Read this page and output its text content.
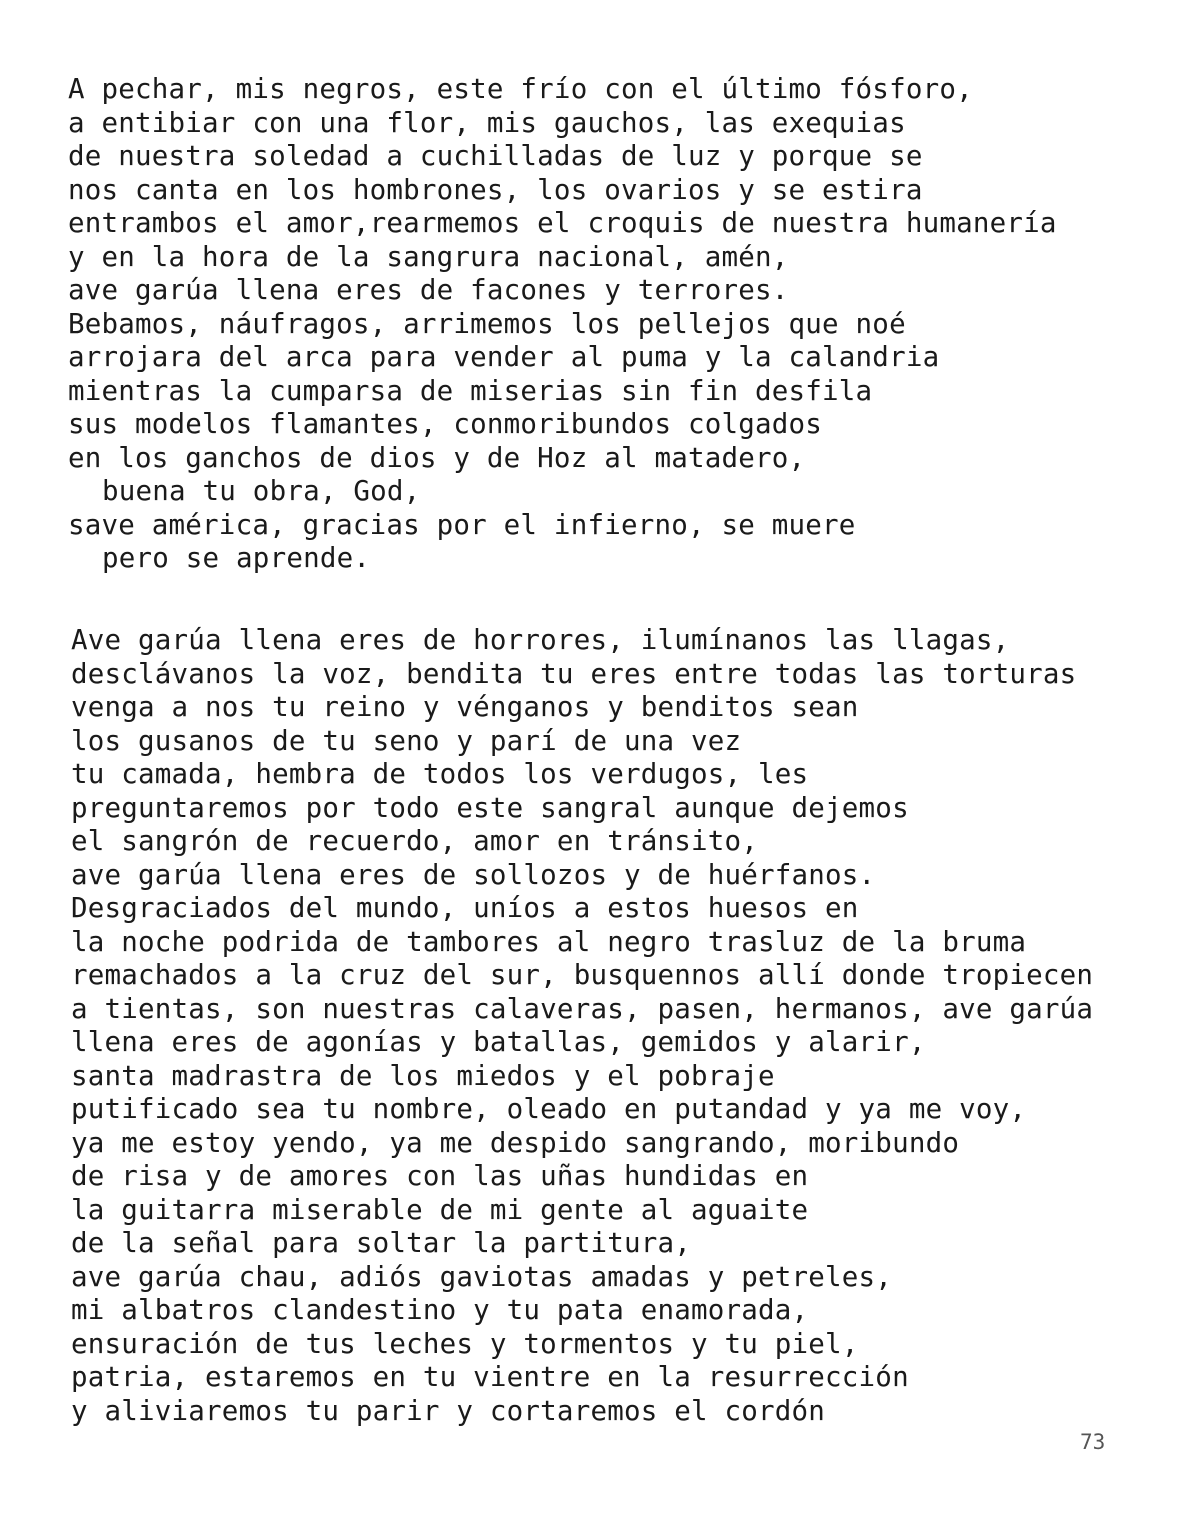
A pechar, mis negros, este frío con el último fósforo,
a entibiar con una flor, mis gauchos, las exequias
de nuestra soledad a cuchilladas de luz y porque se
nos canta en los hombrones, los ovarios y se estira
entrambos el amor,rearmemos el croquis de nuestra humanería
y en la hora de la sangrura nacional, amén,
ave garúa llena eres de facones y terrores.
Bebamos, náufragos, arrimemos los pellejos que noé
arrojara del arca para vender al puma y la calandria
mientras la cumparsa de miserias sin fin desfila
sus modelos flamantes, conmoribundos colgados
en los ganchos de dios y de Hoz al matadero,
buena tu obra, God,
save américa, gracias por el infierno, se muere
pero se aprende.
Ave garúa llena eres de horrores, ilumínanos las llagas,
desclávanos la voz, bendita tu eres entre todas las torturas
venga a nos tu reino y vénganos y benditos sean
los gusanos de tu seno y parí de una vez
tu camada, hembra de todos los verdugos, les
preguntaremos por todo este sangral aunque dejemos
el sangrón de recuerdo, amor en tránsito,
ave garúa llena eres de sollozos y de huérfanos.
Desgraciados del mundo, uníos a estos huesos en
la noche podrida de tambores al negro trasluz de la bruma
remachados a la cruz del sur, busquennos allí donde tropiecen
a tientas, son nuestras calaveras, pasen, hermanos, ave garúa
llena eres de agonías y batallas, gemidos y alarir,
santa madrastra de los miedos y el pobraje
putificado sea tu nombre, oleado en putandad y ya me voy,
ya me estoy yendo, ya me despido sangrando, moribundo
de risa y de amores con las uñas hundidas en
la guitarra miserable de mi gente al aguaite
de la señal para soltar la partitura,
ave garúa chau, adiós gaviotas amadas y petreles,
mi albatros clandestino y tu pata enamorada,
ensuración de tus leches y tormentos y tu piel,
patria, estaremos en tu vientre en la resurrección
y aliviaremos tu parir y cortaremos el cordón
73
